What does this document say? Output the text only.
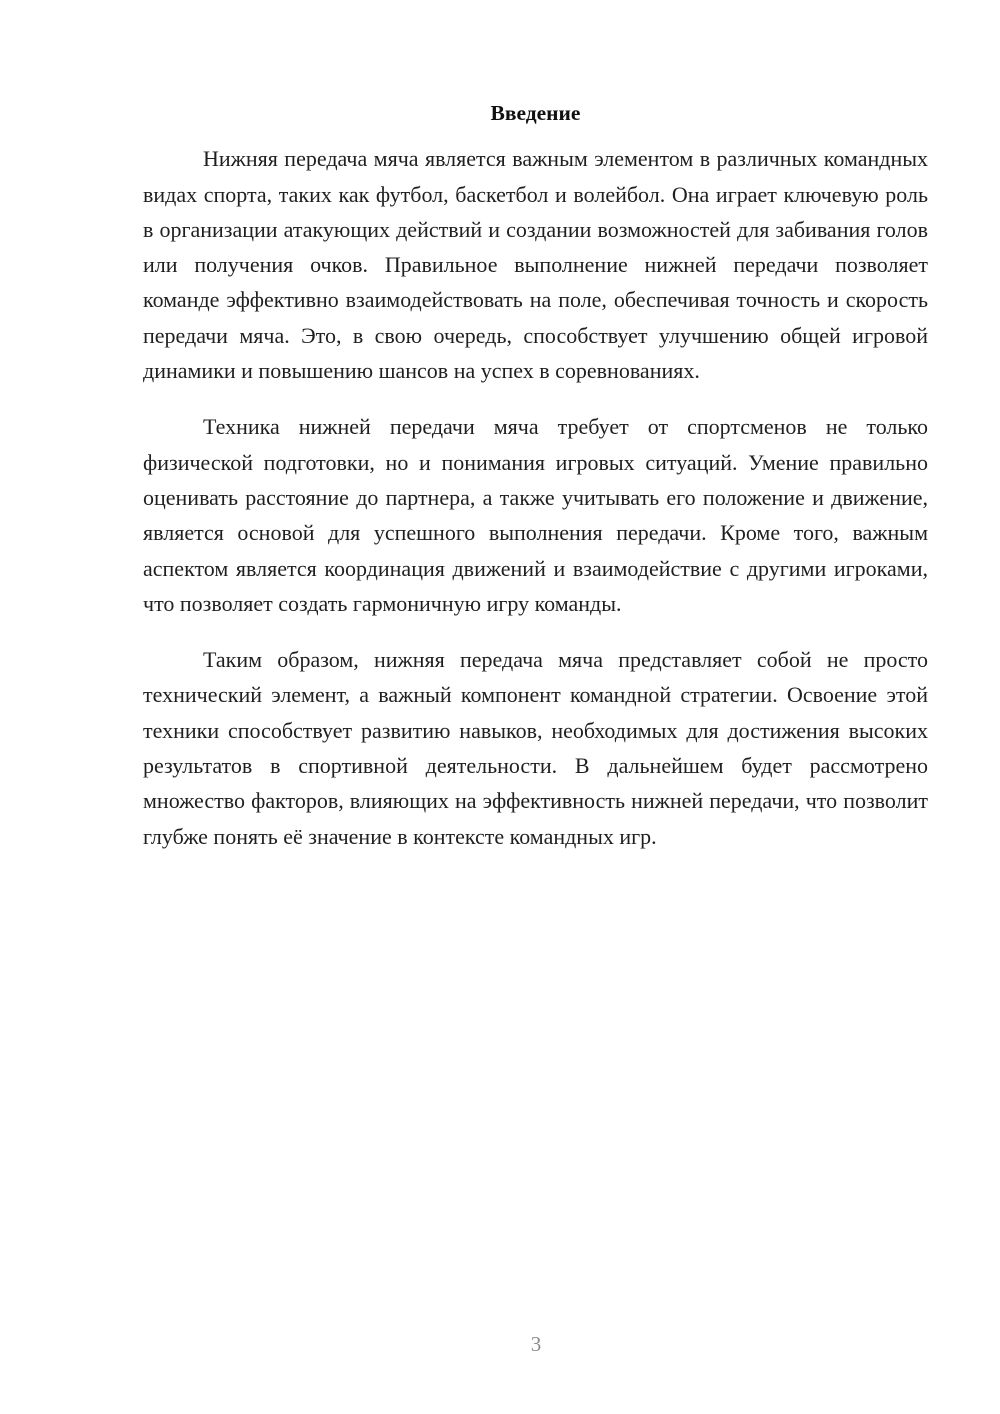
Введение

Нижняя передача мяча является важным элементом в различных командных видах спорта, таких как футбол, баскетбол и волейбол. Она играет ключевую роль в организации атакующих действий и создании возможностей для забивания голов или получения очков. Правильное выполнение нижней передачи позволяет команде эффективно взаимодействовать на поле, обеспечивая точность и скорость передачи мяча. Это, в свою очередь, способствует улучшению общей игровой динамики и повышению шансов на успех в соревнованиях.

Техника нижней передачи мяча требует от спортсменов не только физической подготовки, но и понимания игровых ситуаций. Умение правильно оценивать расстояние до партнера, а также учитывать его положение и движение, является основой для успешного выполнения передачи. Кроме того, важным аспектом является координация движений и взаимодействие с другими игроками, что позволяет создать гармоничную игру команды.

Таким образом, нижняя передача мяча представляет собой не просто технический элемент, а важный компонент командной стратегии. Освоение этой техники способствует развитию навыков, необходимых для достижения высоких результатов в спортивной деятельности. В дальнейшем будет рассмотрено множество факторов, влияющих на эффективность нижней передачи, что позволит глубже понять её значение в контексте командных игр.

3
